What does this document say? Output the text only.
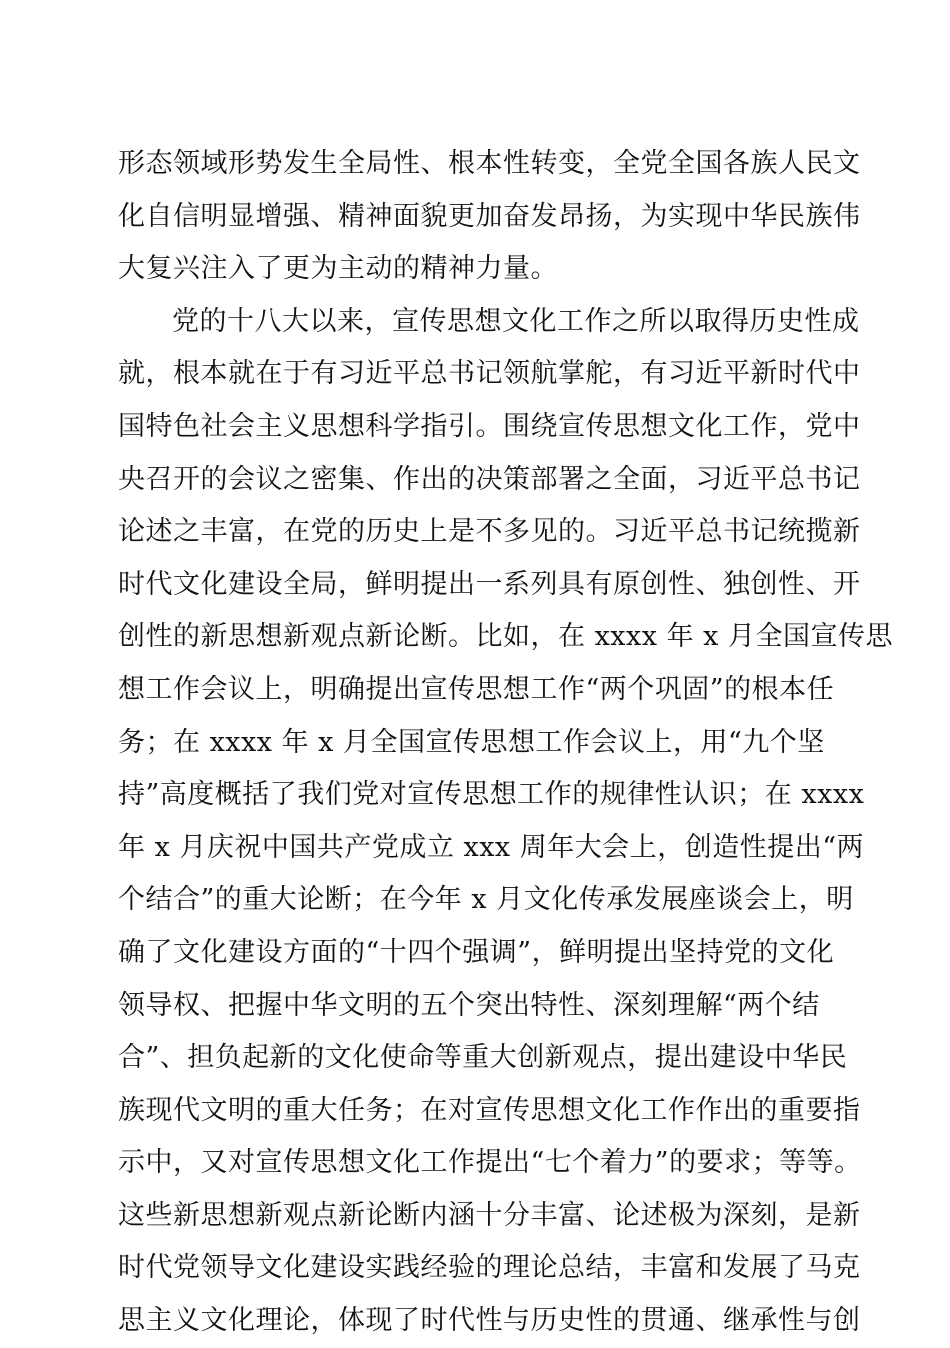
形态领域形势发生全局性、根本性转变，全党全国各族人民文
化自信明显增强、精神面貌更加奋发昂扬，为实现中华民族伟
大复兴注入了更为主动的精神力量。
党的十八大以来，宣传思想文化工作之所以取得历史性成
就，根本就在于有习近平总书记领航掌舵，有习近平新时代中
国特色社会主义思想科学指引。围绕宣传思想文化工作，党中
央召开的会议之密集、作出的决策部署之全面，习近平总书记
论述之丰富，在党的历史上是不多见的。习近平总书记统揽新
时代文化建设全局，鲜明提出一系列具有原创性、独创性、开
创性的新思想新观点新论断。比如，在 xxxx 年 x 月全国宣传思
想工作会议上，明确提出宣传思想工作“两个巩固”的根本任
务；在 xxxx 年 x 月全国宣传思想工作会议上，用“九个坚
持”高度概括了我们党对宣传思想工作的规律性认识；在 xxxx
年 x 月庆祝中国共产党成立 xxx 周年大会上，创造性提出“两
个结合”的重大论断；在今年 x 月文化传承发展座谈会上，明
确了文化建设方面的“十四个强调”，鲜明提出坚持党的文化
领导权、把握中华文明的五个突出特性、深刻理解“两个结
合”、担负起新的文化使命等重大创新观点，提出建设中华民
族现代文明的重大任务；在对宣传思想文化工作作出的重要指
示中，又对宣传思想文化工作提出“七个着力”的要求；等等。
这些新思想新观点新论断内涵十分丰富、论述极为深刻，是新
时代党领导文化建设实践经验的理论总结，丰富和发展了马克
思主义文化理论，体现了时代性与历史性的贯通、继承性与创
